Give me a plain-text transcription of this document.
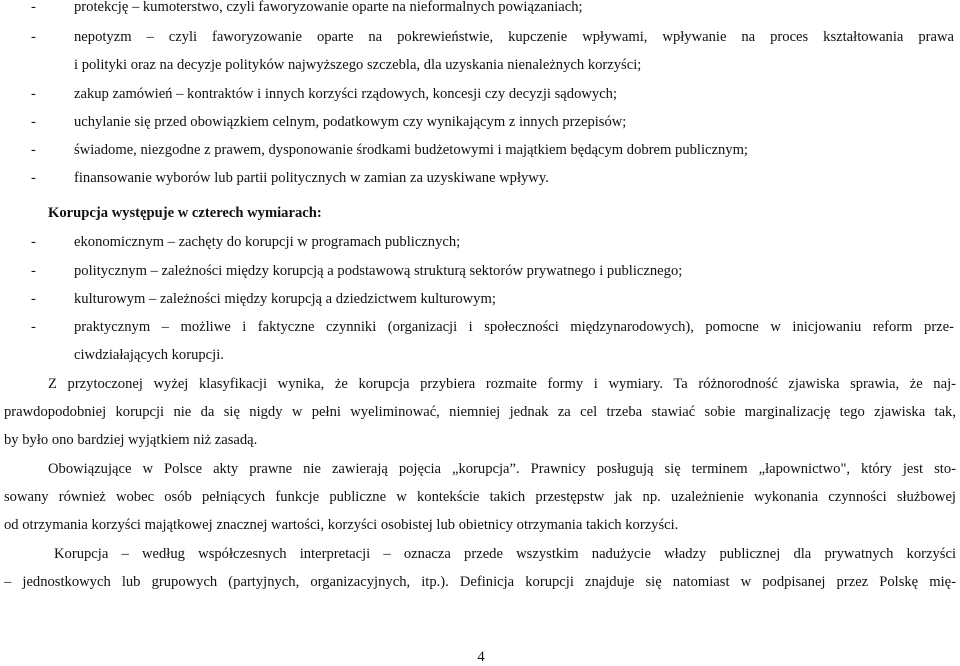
-	protekcję – kumoterstwo, czyli faworyzowanie oparte na nieformalnych powiązaniach;
-	nepotyzm – czyli faworyzowanie oparte na pokrewieństwie, kupczenie wpływami, wpływanie na proces kształtowania prawa
i polityki oraz na decyzje polityków najwyższego szczebla, dla uzyskania nienależnych korzyści;
-	zakup zamówień – kontraktów i innych korzyści rządowych, koncesji czy decyzji sądowych;
-	uchylanie się przed obowiązkiem celnym, podatkowym czy wynikającym z innych przepisów;
-	świadome, niezgodne z prawem, dysponowanie środkami budżetowymi i majątkiem będącym dobrem publicznym;
-	finansowanie wyborów lub partii politycznych w zamian za uzyskiwane wpływy.
Korupcja występuje w czterech wymiarach:
-	ekonomicznym – zachęty do korupcji w programach publicznych;
-	politycznym – zależności między korupcją a podstawową strukturą sektorów prywatnego i publicznego;
-	kulturowym – zależności między korupcją a dziedzictwem kulturowym;
-	praktycznym – możliwe i faktyczne czynniki (organizacji i społeczności międzynarodowych), pomocne w inicjowaniu reform prze-
ciwdziałających korupcji.
Z przytoczonej wyżej klasyfikacji wynika, że korupcja przybiera rozmaite formy i wymiary. Ta różnorodność zjawiska sprawia, że naj-
prawdopodobniej korupcji nie da się nigdy w pełni wyeliminować, niemniej jednak za cel trzeba stawiać sobie marginalizację tego zjawiska tak,
by było ono bardziej wyjątkiem niż zasadą.
Obowiązujące w Polsce akty prawne nie zawierają pojęcia „korupcja”. Prawnicy posługują się terminem „łapownictwo", który jest sto-
sowany również wobec osób pełniących funkcje publiczne w kontekście takich przestępstw jak np. uzależnienie wykonania czynności służbowej
od otrzymania korzyści majątkowej znacznej wartości, korzyści osobistej lub obietnicy otrzymania takich korzyści.
Korupcja – według współczesnych interpretacji – oznacza przede wszystkim nadużycie władzy publicznej dla prywatnych korzyści
– jednostkowych lub grupowych (partyjnych, organizacyjnych, itp.). Definicja korupcji znajduje się natomiast w podpisanej przez Polskę mię-
4
